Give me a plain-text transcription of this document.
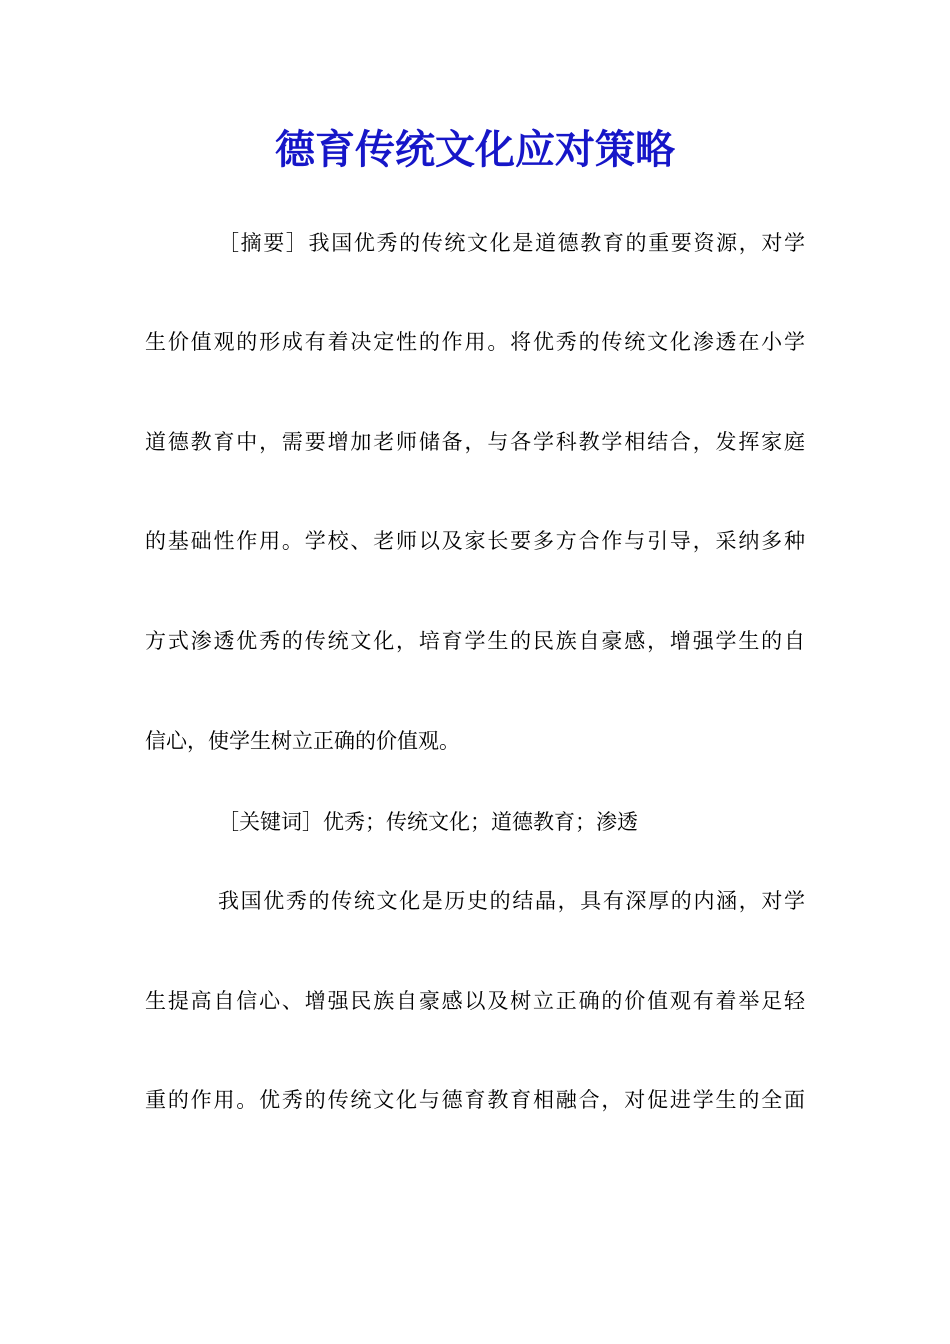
德育传统文化应对策略
［摘要］我国优秀的传统文化是道德教育的重要资源，对学
生价值观的形成有着决定性的作用。将优秀的传统文化渗透在小学
道德教育中，需要增加老师储备，与各学科教学相结合，发挥家庭
的基础性作用。学校、老师以及家长要多方合作与引导，采纳多种
方式渗透优秀的传统文化，培育学生的民族自豪感，增强学生的自
信心，使学生树立正确的价值观。
［关键词］优秀；传统文化；道德教育；渗透
我国优秀的传统文化是历史的结晶，具有深厚的内涵，对学
生提高自信心、增强民族自豪感以及树立正确的价值观有着举足轻
重的作用。优秀的传统文化与德育教育相融合，对促进学生的全面
